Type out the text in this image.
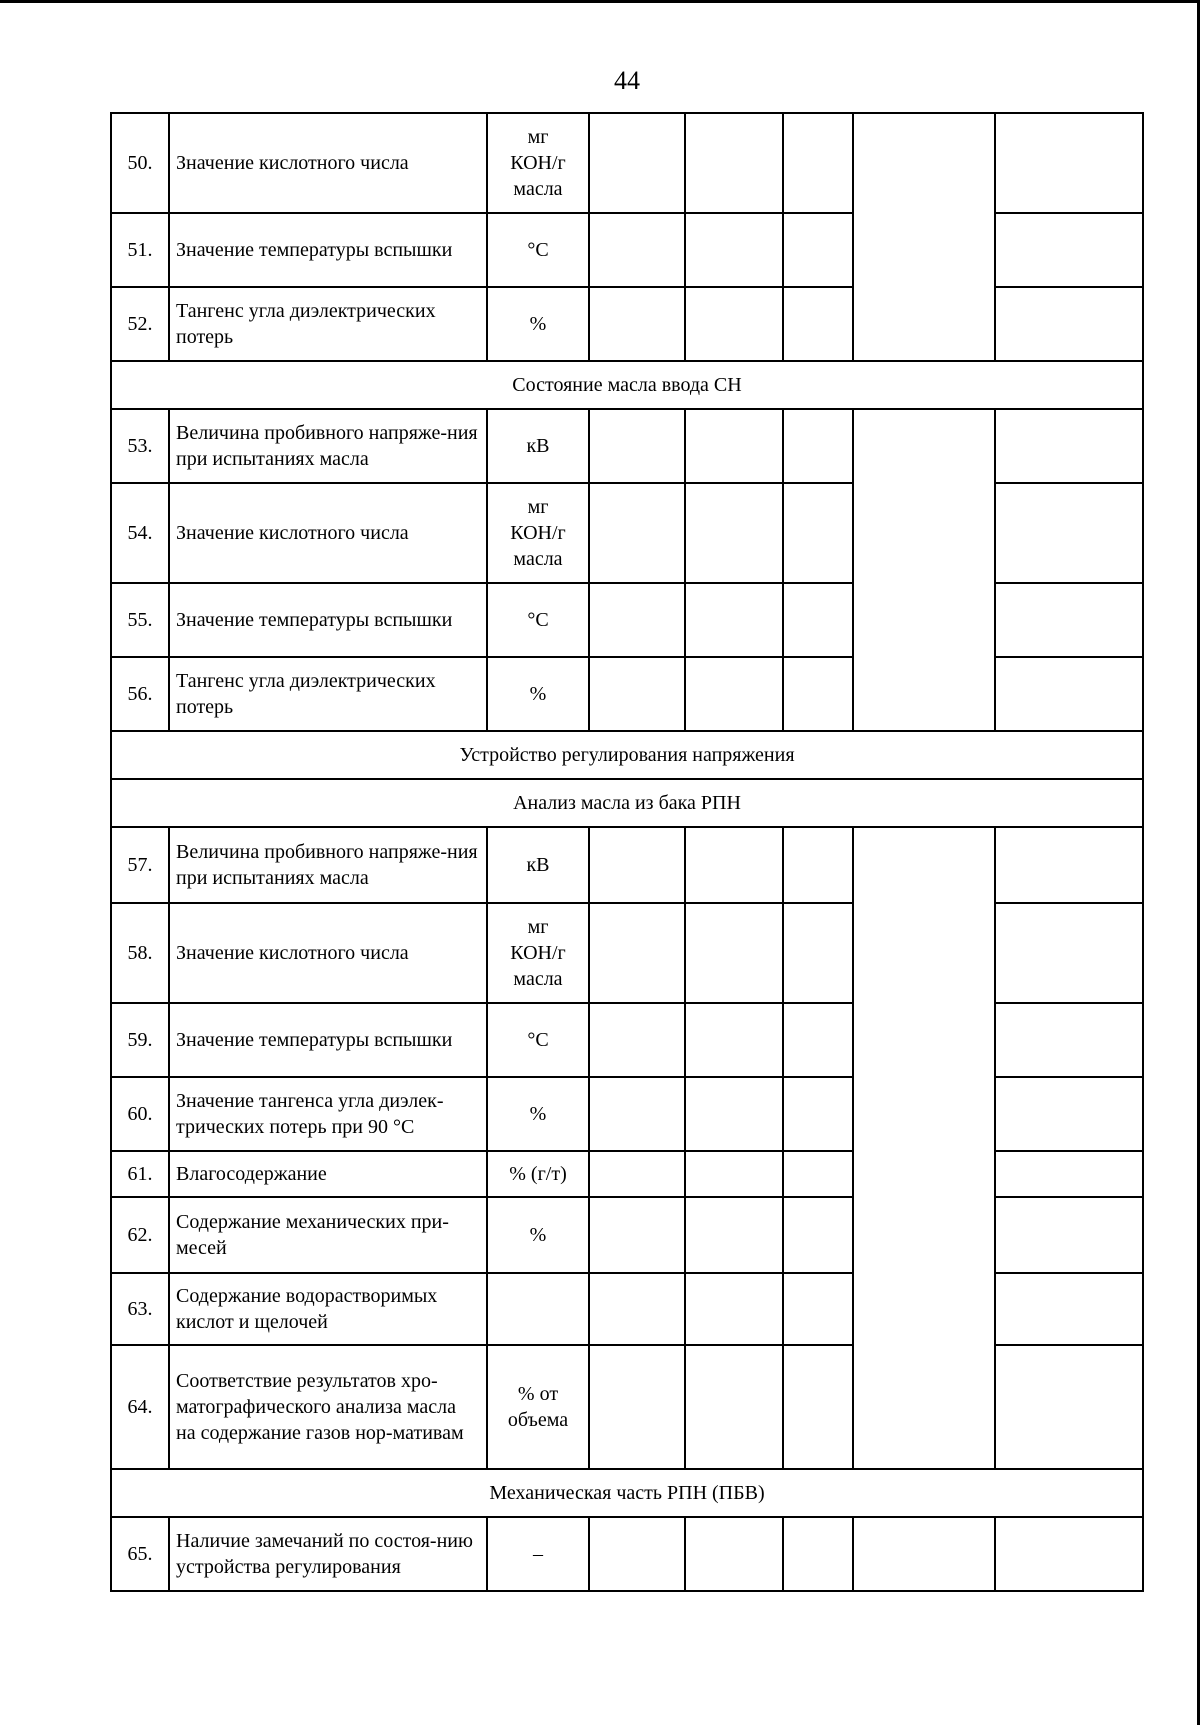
44
50.	Значение кислотного числа	мг
КОН/г
масла					
51.	Значение температуры вспышки	°C					
52.	Тангенс угла диэлектрических потерь	%					
Состояние масла ввода СН							
53.	Величина пробивного напряже-ния при испытаниях масла	кВ					
54.	Значение кислотного числа	мг
КОН/г
масла					
55.	Значение температуры вспышки	°C					
56.	Тангенс угла диэлектрических потерь	%					
Устройство регулирования напряжения							
Анализ масла из бака РПН							
57.	Величина пробивного напряже-ния при испытаниях масла	кВ					
58.	Значение кислотного числа	мг
КОН/г
масла					
59.	Значение температуры вспышки	°C					
60.	Значение тангенса угла диэлек-трических потерь при 90 °C	%					
61.	Влагосодержание	% (г/т)					
62.	Содержание механических при-месей	%					
63.	Содержание водорастворимых кислот и щелочей						
64.	Соответствие результатов хро-матографического анализа масла на содержание газов нор-мативам	% от
объема					
Механическая часть РПН (ПБВ)							
65.	Наличие замечаний по состоя-нию устройства регулирования	–					
